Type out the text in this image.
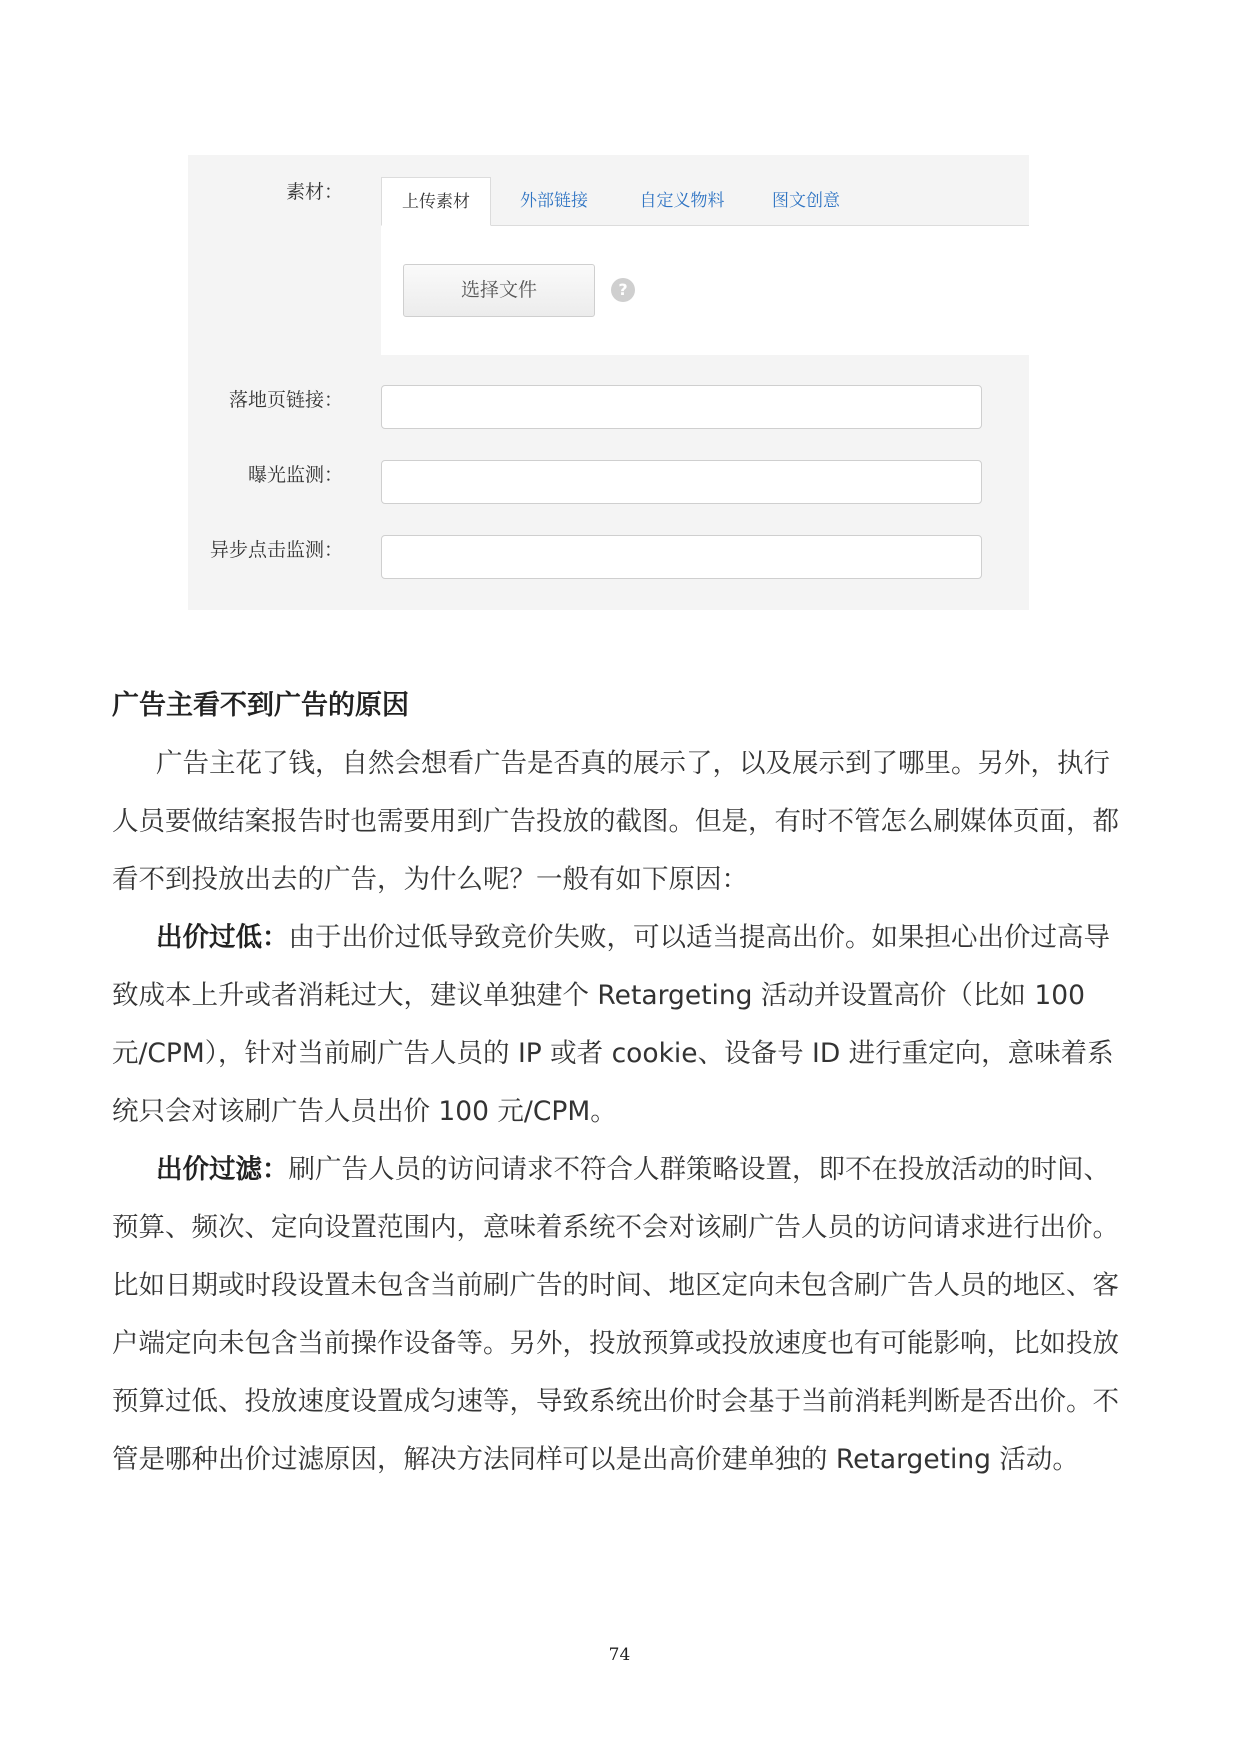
素材：	上传素材	外部链接	自定义物料	图文创意
选择文件	?
落地页链接：
曝光监测：
异步点击监测：
广告主看不到广告的原因
广告主花了钱，自然会想看广告是否真的展示了，以及展示到了哪里。另外，执行人员要做结案报告时也需要用到广告投放的截图。但是，有时不管怎么刷媒体页面，都看不到投放出去的广告，为什么呢？一般有如下原因：
出价过低：由于出价过低导致竞价失败，可以适当提高出价。如果担心出价过高导致成本上升或者消耗过大，建议单独建个 Retargeting 活动并设置高价（比如 100 元/CPM），针对当前刷广告人员的 IP 或者 cookie、设备号 ID 进行重定向，意味着系统只会对该刷广告人员出价 100 元/CPM。
出价过滤：刷广告人员的访问请求不符合人群策略设置，即不在投放活动的时间、预算、频次、定向设置范围内，意味着系统不会对该刷广告人员的访问请求进行出价。比如日期或时段设置未包含当前刷广告的时间、地区定向未包含刷广告人员的地区、客户端定向未包含当前操作设备等。另外，投放预算或投放速度也有可能影响，比如投放预算过低、投放速度设置成匀速等，导致系统出价时会基于当前消耗判断是否出价。不管是哪种出价过滤原因，解决方法同样可以是出高价建单独的 Retargeting 活动。
74
